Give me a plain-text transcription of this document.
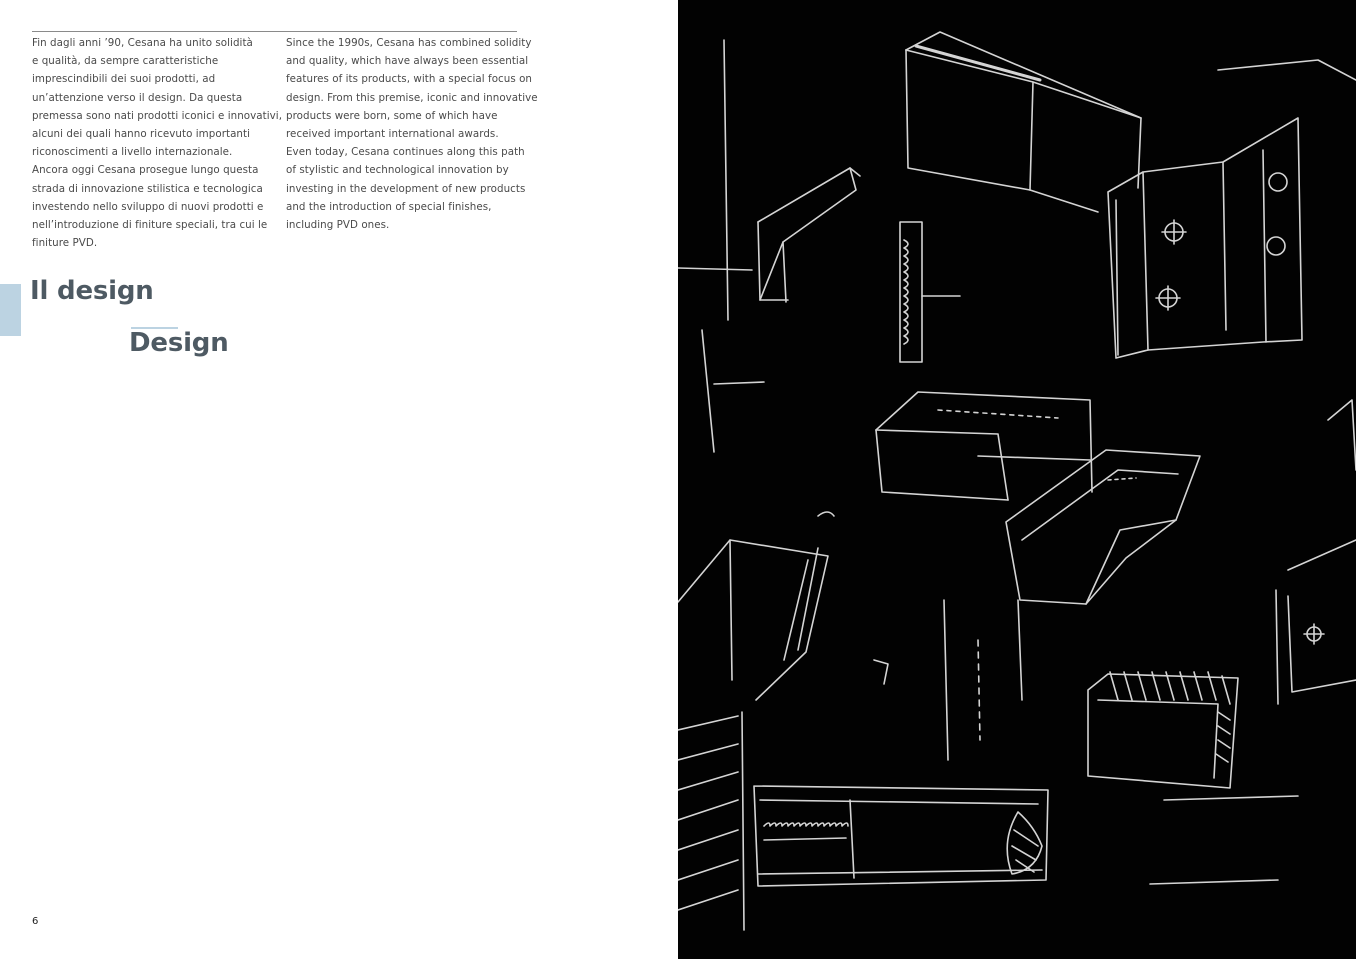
Fin dagli anni ’90, Cesana ha unito solidità

e qualità, da sempre caratteristiche

imprescindibili dei suoi prodotti, ad

un’attenzione verso il design. Da questa

premessa sono nati prodotti iconici e innovativi,

alcuni dei quali hanno ricevuto importanti

riconoscimenti a livello internazionale.

Ancora oggi Cesana prosegue lungo questa

strada di innovazione stilistica e tecnologica

investendo nello sviluppo di nuovi prodotti e

nell’introduzione di finiture speciali, tra cui le

finiture PVD.

Since the 1990s, Cesana has combined solidity

and quality, which have always been essential

features of its products, with a special focus on

design. From this premise, iconic and innovative

products were born, some of which have

received important international awards.

Even today, Cesana continues along this path

of stylistic and technological innovation by

investing in the development of new products

and the introduction of special finishes,

including PVD ones.

Il design
Design
6
